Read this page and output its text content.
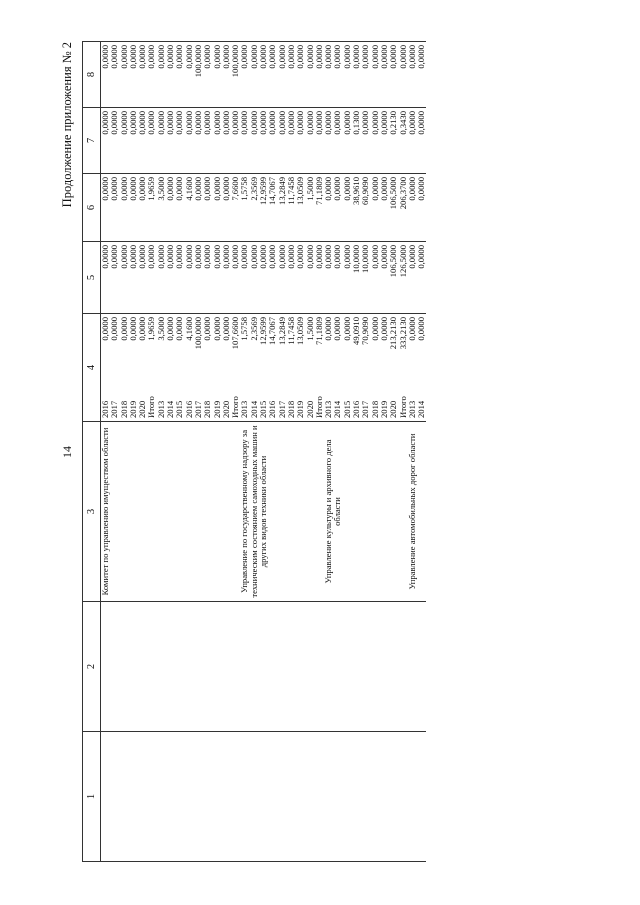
14
Продолжение приложения № 2
1	2	3	4		5	6	7	8
		Комитет по управлению имуществом области	2016	0,0000	0,0000	0,0000	0,0000	0,0000
			2017	0,0000	0,0000	0,0000	0,0000	0,0000
			2018	0,0000	0,0000	0,0000	0,0000	0,0000
			2019	0,0000	0,0000	0,0000	0,0000	0,0000
			2020	0,0000	0,0000	0,0000	0,0000	0,0000
			Итого	1,9659	0,0000	1,9659	0,0000	0,0000
			2013	3,5000	0,0000	3,5000	0,0000	0,0000
			2014	0,0000	0,0000	0,0000	0,0000	0,0000
			2015	0,0000	0,0000	0,0000	0,0000	0,0000
			2016	4,1600	0,0000	4,1600	0,0000	0,0000
			2017	100,0000	0,0000	0,0000	0,0000	100,0000
			2018	0,0000	0,0000	0,0000	0,0000	0,0000
			2019	0,0000	0,0000	0,0000	0,0000	0,0000
			2020	0,0000	0,0000	0,0000	0,0000	0,0000
			Итого	107,6600	0,0000	7,6600	0,0000	100,0000
		Управление по государственному надзору за техническим состоянием самоходных машин и других видов техники области	2013	1,5758	0,0000	1,5758	0,0000	0,0000
			2014	2,3569	0,0000	2,3569	0,0000	0,0000
			2015	12,9599	0,0000	12,9599	0,0000	0,0000
			2016	14,7067	0,0000	14,7067	0,0000	0,0000
			2017	13,2849	0,0000	13,2849	0,0000	0,0000
			2018	11,7458	0,0000	11,7458	0,0000	0,0000
			2019	13,0509	0,0000	13,0509	0,0000	0,0000
			2020	1,5000	0,0000	1,5000	0,0000	0,0000
			Итого	71,1809	0,0000	71,1809	0,0000	0,0000
		Управление культуры и архивного дела области	2013	0,0000	0,0000	0,0000	0,0000	0,0000
			2014	0,0000	0,0000	0,0000	0,0000	0,0000
			2015	0,0000	0,0000	0,0000	0,0000	0,0000
			2016	49,0910	10,0000	38,9610	0,1300	0,0000
			2017	70,9090	10,0000	60,9090	0,0000	0,0000
			2018	0,0000	0,0000	0,0000	0,0000	0,0000
			2019	0,0000	0,0000	0,0000	0,0000	0,0000
			2020	213,2130	106,5000	106,5000	0,2130	0,0000
			Итого	333,2130	126,5000	206,3700	0,3430	0,0000
		Управление автомобильных дорог области	2013	0,0000	0,0000	0,0000	0,0000	0,0000
			2014	0,0000	0,0000	0,0000	0,0000	0,0000
